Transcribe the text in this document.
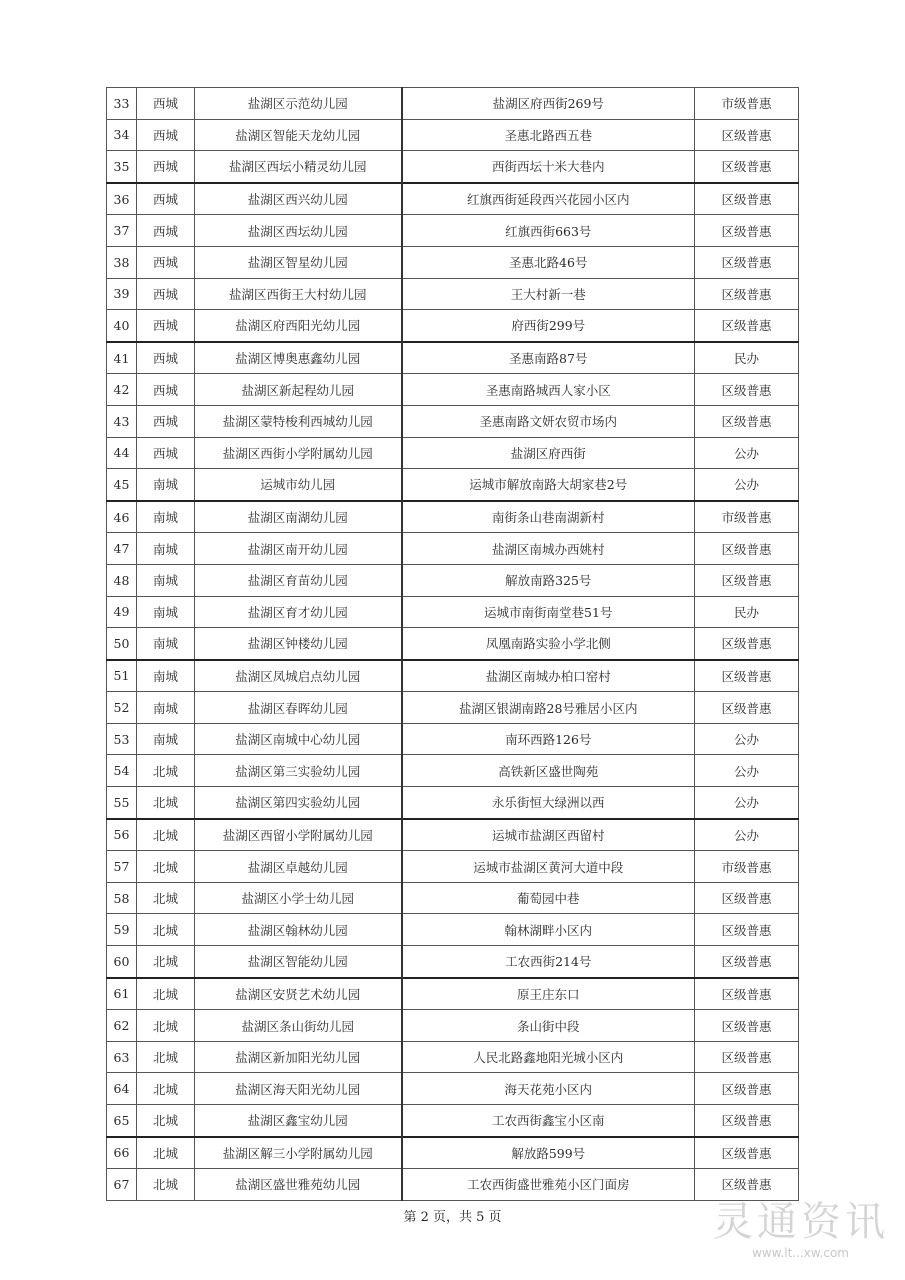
33	西城	盐湖区示范幼儿园	盐湖区府西街269号	市级普惠
34	西城	盐湖区智能天龙幼儿园	圣惠北路西五巷	区级普惠
35	西城	盐湖区西坛小精灵幼儿园	西街西坛十米大巷内	区级普惠
36	西城	盐湖区西兴幼儿园	红旗西街延段西兴花园小区内	区级普惠
37	西城	盐湖区西坛幼儿园	红旗西街663号	区级普惠
38	西城	盐湖区智星幼儿园	圣惠北路46号	区级普惠
39	西城	盐湖区西街王大村幼儿园	王大村新一巷	区级普惠
40	西城	盐湖区府西阳光幼儿园	府西街299号	区级普惠
41	西城	盐湖区博奥惠鑫幼儿园	圣惠南路87号	民办
42	西城	盐湖区新起程幼儿园	圣惠南路城西人家小区	区级普惠
43	西城	盐湖区蒙特梭利西城幼儿园	圣惠南路文妍农贸市场内	区级普惠
44	西城	盐湖区西街小学附属幼儿园	盐湖区府西街	公办
45	南城	运城市幼儿园	运城市解放南路大胡家巷2号	公办
46	南城	盐湖区南湖幼儿园	南街条山巷南湖新村	市级普惠
47	南城	盐湖区南开幼儿园	盐湖区南城办西姚村	区级普惠
48	南城	盐湖区育苗幼儿园	解放南路325号	区级普惠
49	南城	盐湖区育才幼儿园	运城市南街南堂巷51号	民办
50	南城	盐湖区钟楼幼儿园	凤凰南路实验小学北侧	区级普惠
51	南城	盐湖区凤城启点幼儿园	盐湖区南城办柏口窑村	区级普惠
52	南城	盐湖区春晖幼儿园	盐湖区银湖南路28号雅居小区内	区级普惠
53	南城	盐湖区南城中心幼儿园	南环西路126号	公办
54	北城	盐湖区第三实验幼儿园	高铁新区盛世陶苑	公办
55	北城	盐湖区第四实验幼儿园	永乐街恒大绿洲以西	公办
56	北城	盐湖区西留小学附属幼儿园	运城市盐湖区西留村	公办
57	北城	盐湖区卓越幼儿园	运城市盐湖区黄河大道中段	市级普惠
58	北城	盐湖区小学士幼儿园	葡萄园中巷	区级普惠
59	北城	盐湖区翰林幼儿园	翰林湖畔小区内	区级普惠
60	北城	盐湖区智能幼儿园	工农西街214号	区级普惠
61	北城	盐湖区安贤艺术幼儿园	原王庄东口	区级普惠
62	北城	盐湖区条山街幼儿园	条山街中段	区级普惠
63	北城	盐湖区新加阳光幼儿园	人民北路鑫地阳光城小区内	区级普惠
64	北城	盐湖区海天阳光幼儿园	海天花苑小区内	区级普惠
65	北城	盐湖区鑫宝幼儿园	工农西街鑫宝小区南	区级普惠
66	北城	盐湖区解三小学附属幼儿园	解放路599号	区级普惠
67	北城	盐湖区盛世雅苑幼儿园	工农西街盛世雅苑小区门面房	区级普惠
第 2 页，共 5 页	灵通资讯
www.lt...xw.com
